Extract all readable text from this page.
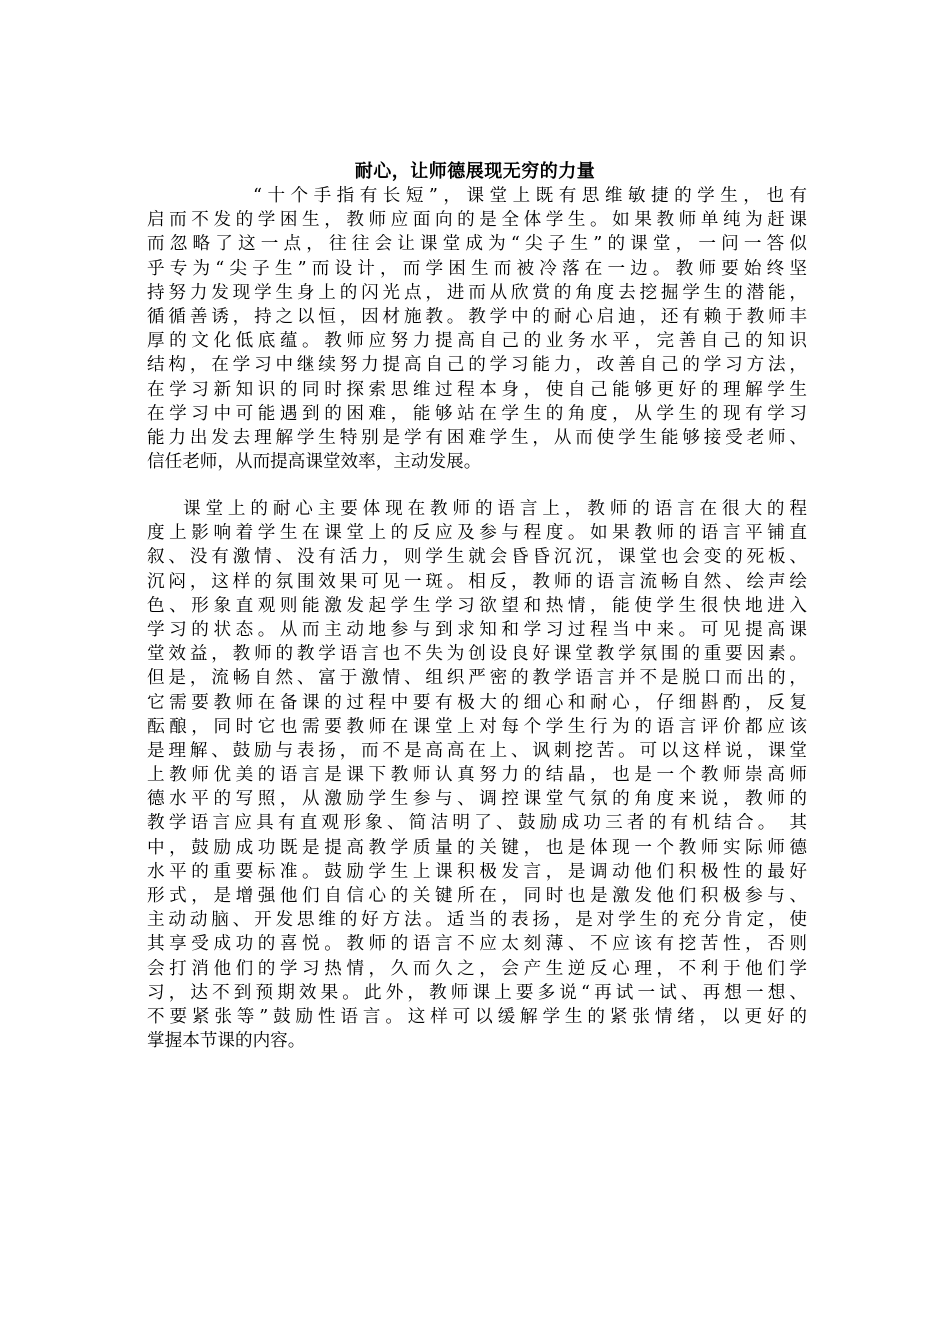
耐心，让师德展现无穷的力量
“十个手指有长短”，课堂上既有思维敏捷的学生，也有
启而不发的学困生，教师应面向的是全体学生。如果教师单纯为赶课
而忽略了这一点，往往会让课堂成为“尖子生”的课堂，一问一答似
乎专为“尖子生”而设计，而学困生而被冷落在一边。教师要始终坚
持努力发现学生身上的闪光点，进而从欣赏的角度去挖掘学生的潜能，
循循善诱，持之以恒，因材施教。教学中的耐心启迪，还有赖于教师丰
厚的文化低底蕴。教师应努力提高自己的业务水平，完善自己的知识
结构，在学习中继续努力提高自己的学习能力，改善自己的学习方法，
在学习新知识的同时探索思维过程本身，使自己能够更好的理解学生
在学习中可能遇到的困难，能够站在学生的角度，从学生的现有学习
能力出发去理解学生特别是学有困难学生，从而使学生能够接受老师、
信任老师，从而提高课堂效率，主动发展。
课堂上的耐心主要体现在教师的语言上，教师的语言在很大的程
度上影响着学生在课堂上的反应及参与程度。如果教师的语言平铺直
叙、没有激情、没有活力，则学生就会昏昏沉沉，课堂也会变的死板、
沉闷，这样的氛围效果可见一斑。相反，教师的语言流畅自然、绘声绘
色、形象直观则能激发起学生学习欲望和热情，能使学生很快地进入
学习的状态。从而主动地参与到求知和学习过程当中来。可见提高课
堂效益，教师的教学语言也不失为创设良好课堂教学氛围的重要因素。
但是，流畅自然、富于激情、组织严密的教学语言并不是脱口而出的，
它需要教师在备课的过程中要有极大的细心和耐心，仔细斟酌，反复
酝酿，同时它也需要教师在课堂上对每个学生行为的语言评价都应该
是理解、鼓励与表扬，而不是高高在上、讽刺挖苦。可以这样说，课堂
上教师优美的语言是课下教师认真努力的结晶，也是一个教师崇高师
德水平的写照，从激励学生参与、调控课堂气氛的角度来说，教师的
教学语言应具有直观形象、简洁明了、鼓励成功三者的有机结合。 其
中，鼓励成功既是提高教学质量的关键，也是体现一个教师实际师德
水平的重要标准。鼓励学生上课积极发言，是调动他们积极性的最好
形式，是增强他们自信心的关键所在，同时也是激发他们积极参与、
主动动脑、开发思维的好方法。适当的表扬，是对学生的充分肯定，使
其享受成功的喜悦。教师的语言不应太刻薄、不应该有挖苦性，否则
会打消他们的学习热情，久而久之，会产生逆反心理，不利于他们学
习，达不到预期效果。此外，教师课上要多说“再试一试、再想一想、
不要紧张等”鼓励性语言。这样可以缓解学生的紧张情绪，以更好的
掌握本节课的内容。
